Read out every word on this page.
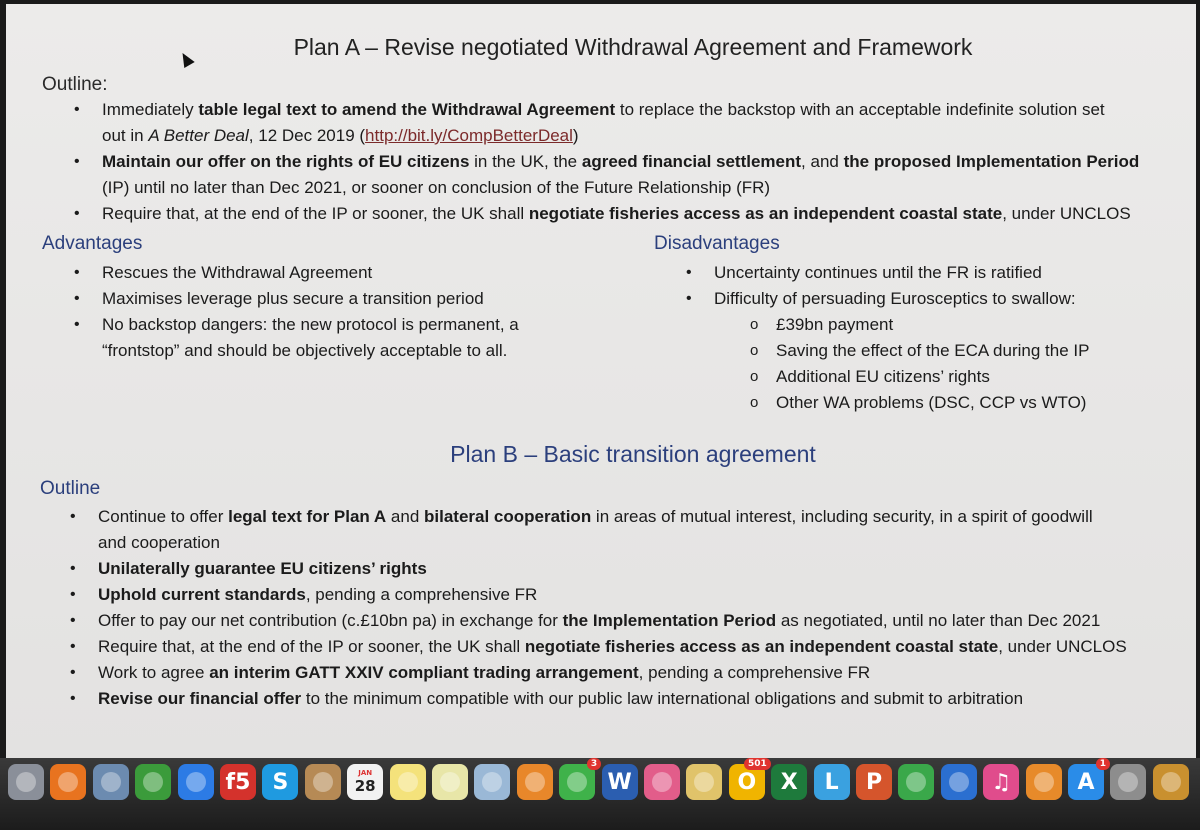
Plan A – Revise negotiated Withdrawal Agreement and Framework
Outline:
• Immediately table legal text to amend the Withdrawal Agreement to replace the backstop with an acceptable indefinite solution set
out in A Better Deal, 12 Dec 2019 (http://bit.ly/CompBetterDeal)
• Maintain our offer on the rights of EU citizens in the UK, the agreed financial settlement, and the proposed Implementation Period
(IP) until no later than Dec 2021, or sooner on conclusion of the Future Relationship (FR)
• Require that, at the end of the IP or sooner, the UK shall negotiate fisheries access as an independent coastal state, under UNCLOS
Advantages
• Rescues the Withdrawal Agreement
• Maximises leverage plus secure a transition period
• No backstop dangers: the new protocol is permanent, a
“frontstop” and should be objectively acceptable to all.
Disadvantages
• Uncertainty continues until the FR is ratified
• Difficulty of persuading Eurosceptics to swallow:
o £39bn payment
o Saving the effect of the ECA during the IP
o Additional EU citizens’ rights
o Other WA problems (DSC, CCP vs WTO)
Plan B – Basic transition agreement
Outline
• Continue to offer legal text for Plan A and bilateral cooperation in areas of mutual interest, including security, in a spirit of goodwill
and cooperation
• Unilaterally guarantee EU citizens’ rights
• Uphold current standards, pending a comprehensive FR
• Offer to pay our net contribution (c.£10bn pa) in exchange for the Implementation Period as negotiated, until no later than Dec 2021
• Require that, at the end of the IP or sooner, the UK shall negotiate fisheries access as an independent coastal state, under UNCLOS
• Work to agree an interim GATT XXIV compliant trading arrangement, pending a comprehensive FR
• Revise our financial offer to the minimum compatible with our public law international obligations and submit to arbitration
f5 S	JAN
28
3
W	O
501
X L P	♫	A
1
